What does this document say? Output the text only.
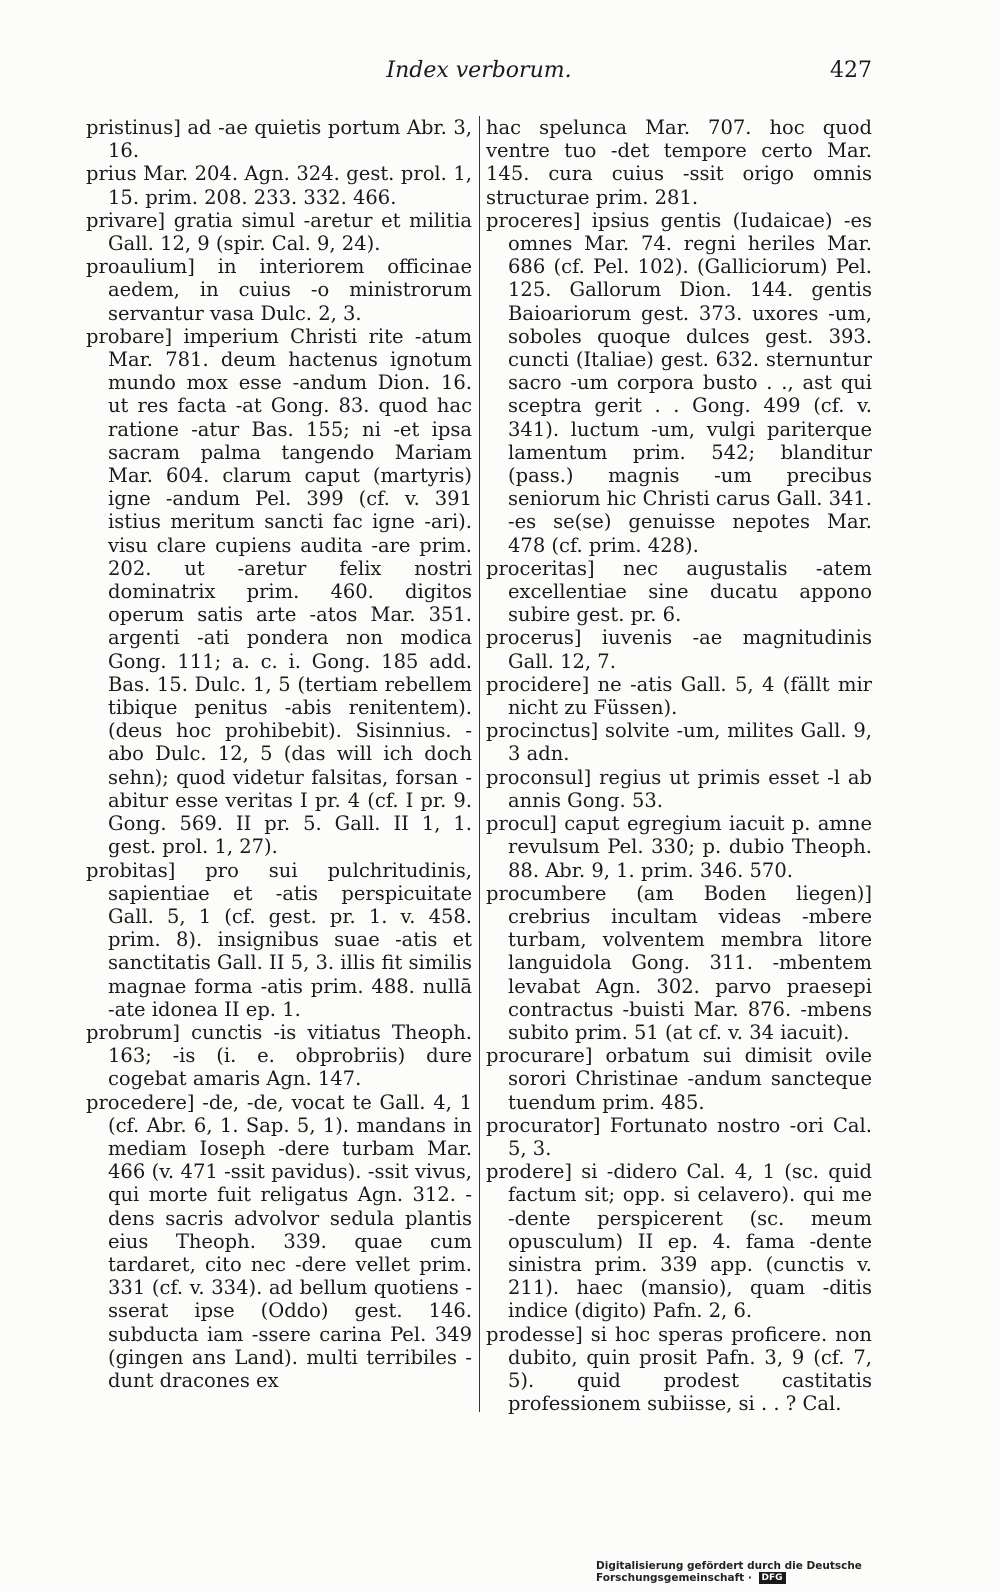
Index verborum.	427

pristinus] ad -ae quietis portum Abr. 3, 16.

prius Mar. 204. Agn. 324. gest. prol. 1, 15. prim. 208. 233. 332. 466.

privare] gratia simul -aretur et militia Gall. 12, 9 (spir. Cal. 9, 24).

proaulium] in interiorem officinae aedem, in cuius -o ministrorum servantur vasa Dulc. 2, 3.

probare] imperium Christi rite -atum Mar. 781. deum hactenus ignotum mundo mox esse -andum Dion. 16. ut res facta -at Gong. 83. quod hac ratione -atur Bas. 155; ni -et ipsa sacram palma tangendo Mariam Mar. 604. clarum caput (martyris) igne -andum Pel. 399 (cf. v. 391 istius meritum sancti fac igne -ari). visu clare cupiens audita -are prim. 202. ut -aretur felix nostri dominatrix prim. 460. digitos operum satis arte -atos Mar. 351. argenti -ati pondera non modica Gong. 111; a. c. i. Gong. 185 add. Bas. 15. Dulc. 1, 5 (tertiam rebellem tibique penitus -abis renitentem). (deus hoc prohibebit). Sisinnius. -abo Dulc. 12, 5 (das will ich doch sehn); quod videtur falsitas, forsan -abitur esse veritas I pr. 4 (cf. I pr. 9. Gong. 569. II pr. 5. Gall. II 1, 1. gest. prol. 1, 27).

probitas] pro sui pulchritudinis, sapientiae et -atis perspicuitate Gall. 5, 1 (cf. gest. pr. 1. v. 458. prim. 8). insignibus suae -atis et sanctitatis Gall. II 5, 3. illis fit similis magnae forma -atis prim. 488. nullā -ate idonea II ep. 1.

probrum] cunctis -is vitiatus Theoph. 163; -is (i. e. obprobriis) dure cogebat amaris Agn. 147.

procedere] -de, -de, vocat te Gall. 4, 1 (cf. Abr. 6, 1. Sap. 5, 1). mandans in mediam Ioseph -dere turbam Mar. 466 (v. 471 -ssit pavidus). -ssit vivus, qui morte fuit religatus Agn. 312. -dens sacris advolvor sedula plantis eius Theoph. 339. quae cum tardaret, cito nec -dere vellet prim. 331 (cf. v. 334). ad bellum quotiens -sserat ipse (Oddo) gest. 146. subducta iam -ssere carina Pel. 349 (gingen ans Land). multi terribiles -dunt dracones ex

hac spelunca Mar. 707. hoc quod ventre tuo -det tempore certo Mar. 145. cura cuius -ssit origo omnis structurae prim. 281.

proceres] ipsius gentis (Iudaicae) -es omnes Mar. 74. regni heriles Mar. 686 (cf. Pel. 102). (Galliciorum) Pel. 125. Gallorum Dion. 144. gentis Baioariorum gest. 373. uxores -um, soboles quoque dulces gest. 393. cuncti (Italiae) gest. 632. sternuntur sacro -um corpora busto . ., ast qui sceptra gerit . . Gong. 499 (cf. v. 341). luctum -um, vulgi pariterque lamentum prim. 542; blanditur (pass.) magnis -um precibus seniorum hic Christi carus Gall. 341. -es se(se) genuisse nepotes Mar. 478 (cf. prim. 428).

proceritas] nec augustalis -atem excellentiae sine ducatu appono subire gest. pr. 6.

procerus] iuvenis -ae magnitudinis Gall. 12, 7.

procidere] ne -atis Gall. 5, 4 (fällt mir nicht zu Füssen).

procinctus] solvite -um, milites Gall. 9, 3 adn.

proconsul] regius ut primis esset -l ab annis Gong. 53.

procul] caput egregium iacuit p. amne revulsum Pel. 330; p. dubio Theoph. 88. Abr. 9, 1. prim. 346. 570.

procumbere (am Boden liegen)] crebrius incultam videas -mbere turbam, volventem membra litore languidola Gong. 311. -mbentem levabat Agn. 302. parvo praesepi contractus -buisti Mar. 876. -mbens subito prim. 51 (at cf. v. 34 iacuit).

procurare] orbatum sui dimisit ovile sorori Christinae -andum sancteque tuendum prim. 485.

procurator] Fortunato nostro -ori Cal. 5, 3.

prodere] si -didero Cal. 4, 1 (sc. quid factum sit; opp. si celavero). qui me -dente perspicerent (sc. meum opusculum) II ep. 4. fama -dente sinistra prim. 339 app. (cunctis v. 211). haec (mansio), quam -ditis indice (digito) Pafn. 2, 6.

prodesse] si hoc speras proficere. non dubito, quin prosit Pafn. 3, 9 (cf. 7, 5). quid prodest castitatis professionem subiisse, si . . ? Cal.

Digitalisierung gefördert durch die Deutsche Forschungsgemeinschaft · DFG
